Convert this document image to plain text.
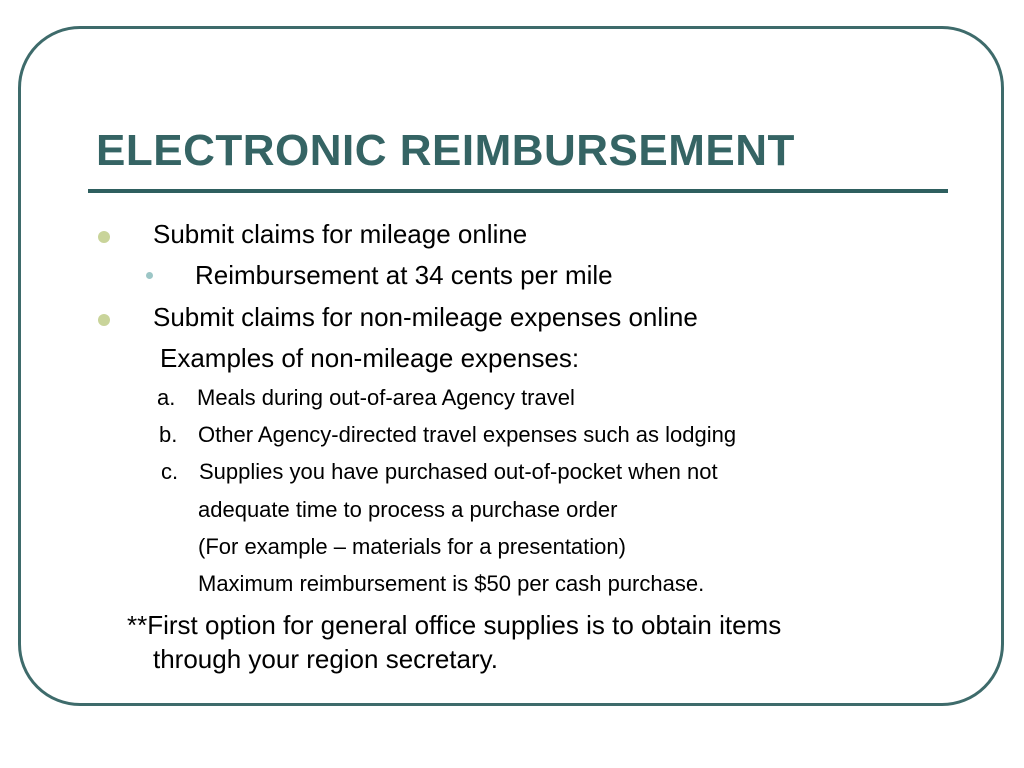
ELECTRONIC REIMBURSEMENT
Submit claims for mileage online
Reimbursement at 34 cents per mile
Submit claims for non-mileage expenses online
Examples of non-mileage expenses:
a. Meals during out-of-area Agency travel
b. Other Agency-directed travel expenses such as lodging
c. Supplies you have purchased out-of-pocket when not
adequate time to process a purchase order
(For example – materials for a presentation)
Maximum reimbursement is $50 per cash purchase.
**First option for general office supplies is to obtain items
through your region secretary.
